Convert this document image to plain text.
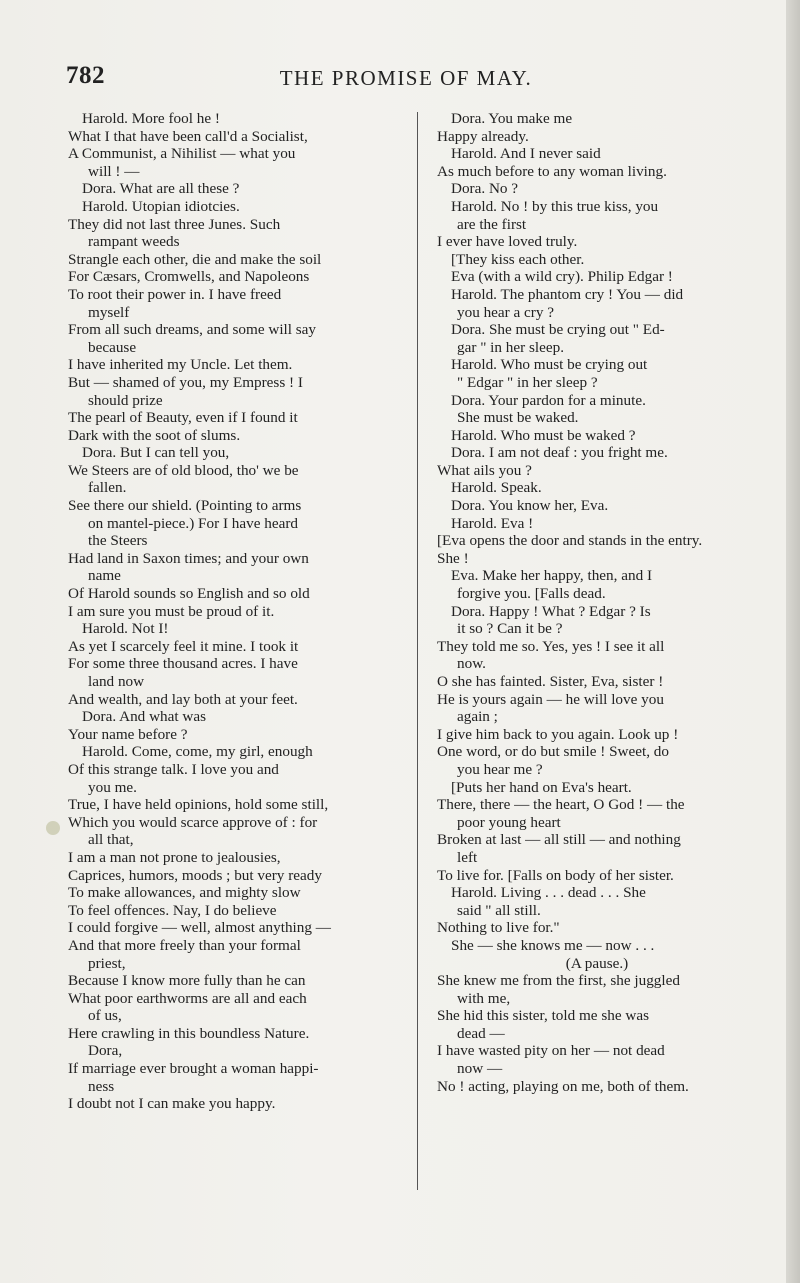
782	THE PROMISE OF MAY.
Harold. More fool he !
What I that have been call'd a Socialist,
A Communist, a Nihilist — what you
will ! —
Dora. What are all these ?
Harold. Utopian idiotcies.
They did not last three Junes. Such
rampant weeds
Strangle each other, die and make the soil
For Cæsars, Cromwells, and Napoleons
To root their power in. I have freed
myself
From all such dreams, and some will say
because
I have inherited my Uncle. Let them.
But — shamed of you, my Empress ! I
should prize
The pearl of Beauty, even if I found it
Dark with the soot of slums.
Dora. But I can tell you,
We Steers are of old blood, tho' we be
fallen.
See there our shield. (Pointing to arms
on mantel-piece.) For I have heard
the Steers
Had land in Saxon times; and your own
name
Of Harold sounds so English and so old
I am sure you must be proud of it.
Harold. Not I!
As yet I scarcely feel it mine. I took it
For some three thousand acres. I have
land now
And wealth, and lay both at your feet.
Dora. And what was
Your name before ?
Harold. Come, come, my girl, enough
Of this strange talk. I love you and
you me.
True, I have held opinions, hold some still,
Which you would scarce approve of : for
all that,
I am a man not prone to jealousies,
Caprices, humors, moods ; but very ready
To make allowances, and mighty slow
To feel offences. Nay, I do believe
I could forgive — well, almost anything —
And that more freely than your formal
priest,
Because I know more fully than he can
What poor earthworms are all and each
of us,
Here crawling in this boundless Nature.
Dora,
If marriage ever brought a woman happi-
ness
I doubt not I can make you happy.
Dora. You make me
Happy already.
Harold. And I never said
As much before to any woman living.
Dora. No ?
Harold. No ! by this true kiss, you
are the first
I ever have loved truly.
[They kiss each other.
Eva (with a wild cry). Philip Edgar !
Harold. The phantom cry ! You — did
you hear a cry ?
Dora. She must be crying out " Ed-
gar " in her sleep.
Harold. Who must be crying out
" Edgar " in her sleep ?
Dora. Your pardon for a minute.
She must be waked.
Harold. Who must be waked ?
Dora. I am not deaf : you fright me.
What ails you ?
Harold. Speak.
Dora. You know her, Eva.
Harold. Eva !
[Eva opens the door and stands in the entry.
She !
Eva. Make her happy, then, and I
forgive you. [Falls dead.
Dora. Happy ! What ? Edgar ? Is
it so ? Can it be ?
They told me so. Yes, yes ! I see it all
now.
O she has fainted. Sister, Eva, sister !
He is yours again — he will love you
again ;
I give him back to you again. Look up !
One word, or do but smile ! Sweet, do
you hear me ?
[Puts her hand on Eva's heart.
There, there — the heart, O God ! — the
poor young heart
Broken at last — all still — and nothing
left
To live for. [Falls on body of her sister.
Harold. Living . . . dead . . . She
said " all still.
Nothing to live for."
She — she knows me — now . . .
(A pause.)
She knew me from the first, she juggled
with me,
She hid this sister, told me she was
dead —
I have wasted pity on her — not dead
now —
No ! acting, playing on me, both of them.
